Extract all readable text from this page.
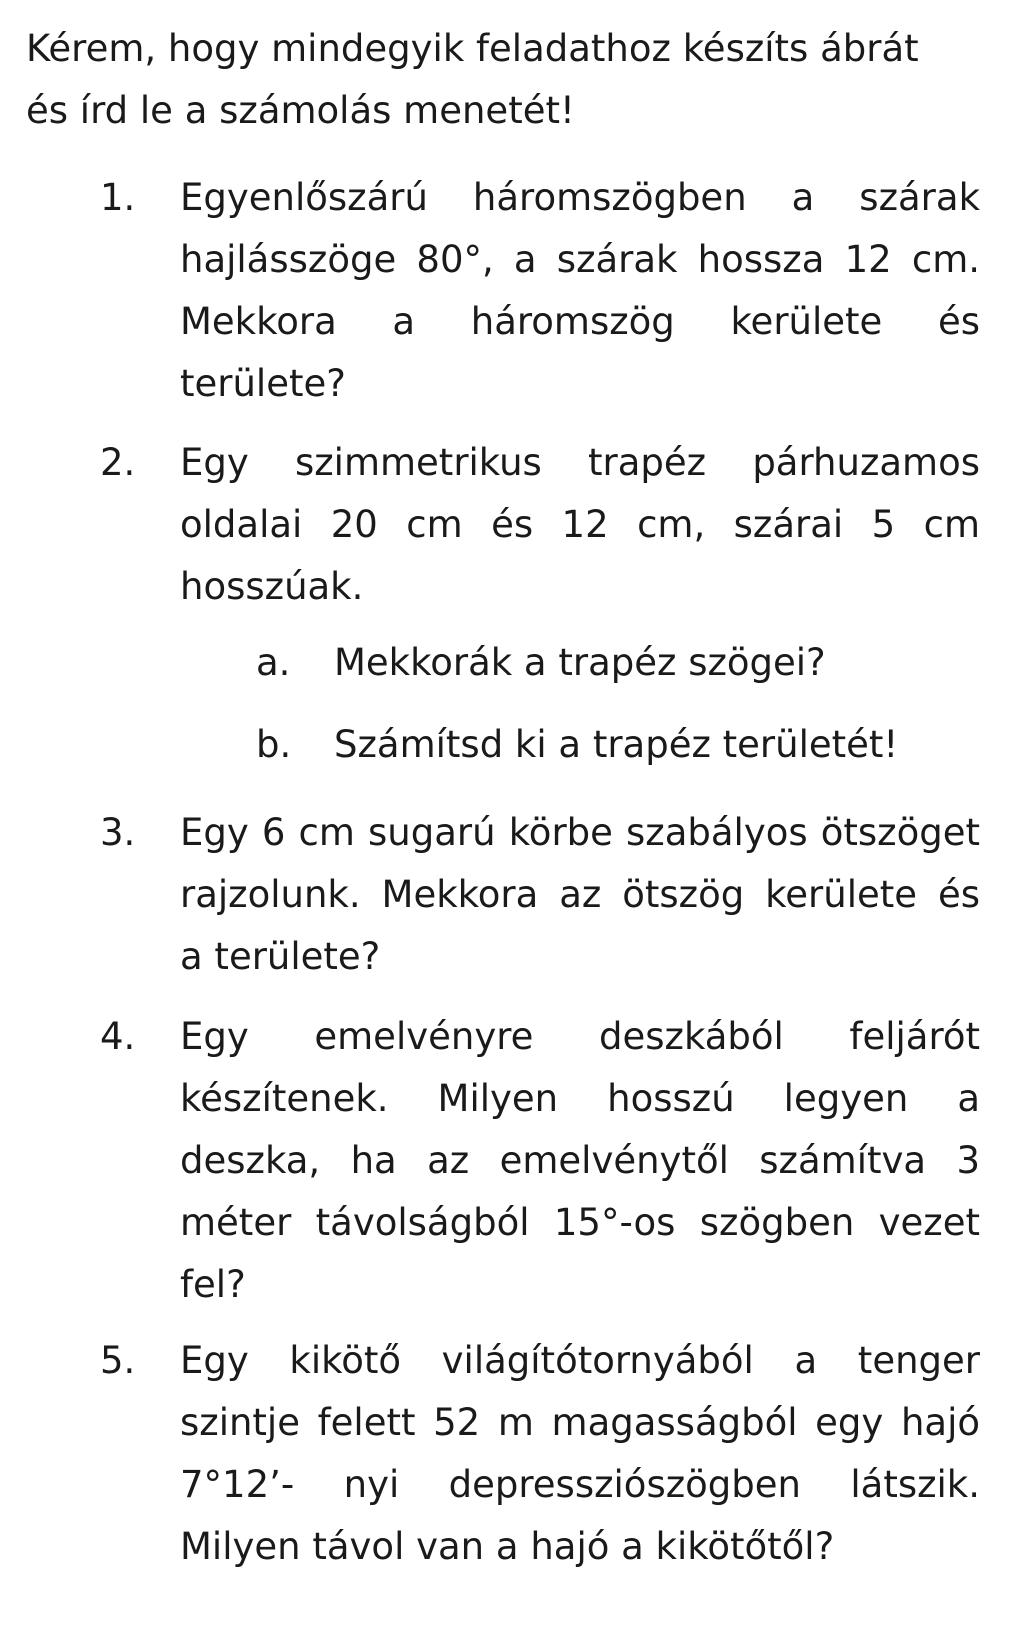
Kérem, hogy mindegyik feladathoz készíts ábrát
és írd le a számolás menetét!

1.	Egyenlőszárú háromszögben a szárak
hajlásszöge 80°, a szárak hossza 12 cm.
Mekkora a háromszög kerülete és
területe?
2.	Egy szimmetrikus trapéz párhuzamos
oldalai 20 cm és 12 cm, szárai 5 cm
hosszúak.
a. Mekkorák a trapéz szögei?
b. Számítsd ki a trapéz területét!
3.	Egy 6 cm sugarú körbe szabályos ötszöget
rajzolunk. Mekkora az ötszög kerülete és
a területe?
4.	Egy emelvényre deszkából feljárót
készítenek. Milyen hosszú legyen a
deszka, ha az emelvénytől számítva 3
méter távolságból 15°-os szögben vezet
fel?
5.	Egy kikötő világítótornyából a tenger
szintje felett 52 m magasságból egy hajó
7°12’- nyi depressziószögben látszik.
Milyen távol van a hajó a kikötőtől?
